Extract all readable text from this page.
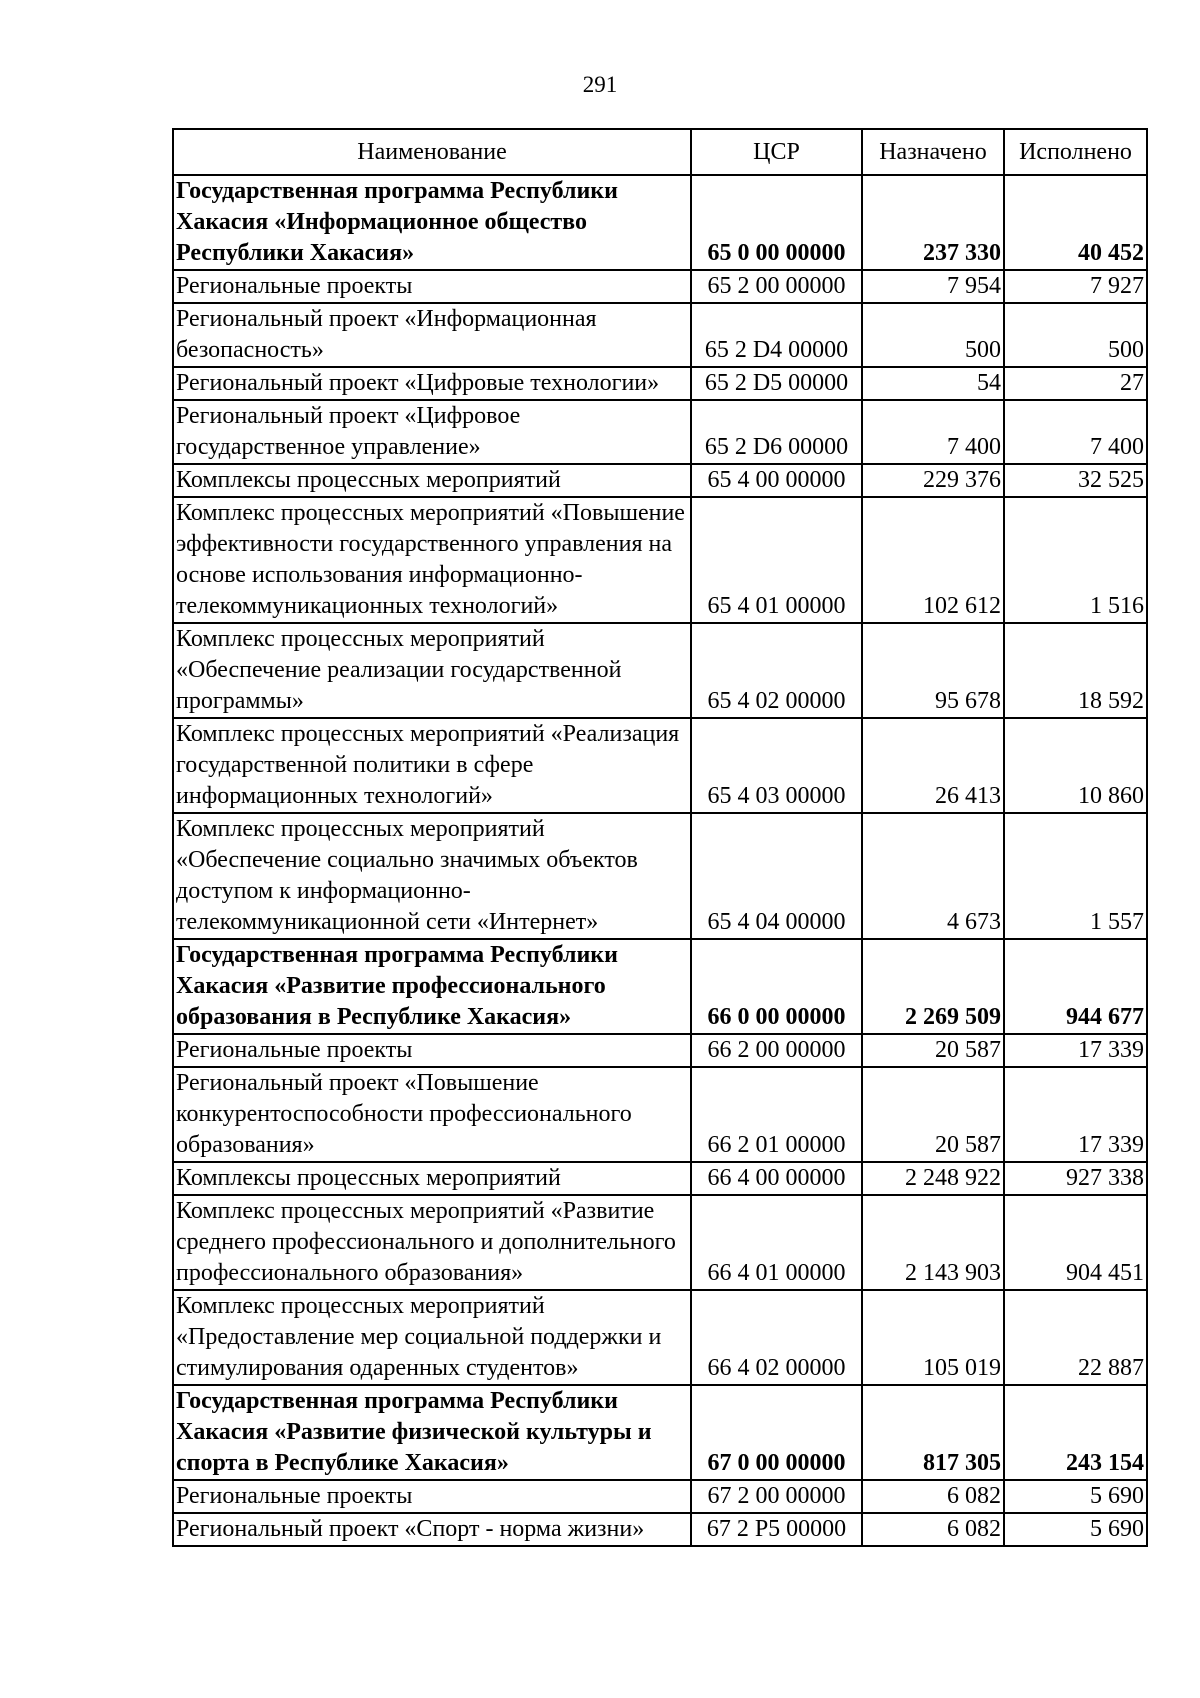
291
Наименование	ЦСР	Назначено	Исполнено
Государственная программа Республики Хакасия «Информационное общество Республики Хакасия»	65 0 00 00000	237 330	40 452
Региональные проекты	65 2 00 00000	7 954	7 927
Региональный проект «Информационная безопасность»	65 2 D4 00000	500	500
Региональный проект «Цифровые технологии»	65 2 D5 00000	54	27
Региональный проект «Цифровое государственное управление»	65 2 D6 00000	7 400	7 400
Комплексы процессных мероприятий	65 4 00 00000	229 376	32 525
Комплекс процессных мероприятий «Повышение эффективности государственного управления на основе использования информационно-телекоммуникационных технологий»	65 4 01 00000	102 612	1 516
Комплекс процессных мероприятий «Обеспечение реализации государственной программы»	65 4 02 00000	95 678	18 592
Комплекс процессных мероприятий «Реализация государственной политики в сфере информационных технологий»	65 4 03 00000	26 413	10 860
Комплекс процессных мероприятий «Обеспечение социально значимых объектов доступом к информационно-телекоммуникационной сети «Интернет»	65 4 04 00000	4 673	1 557
Государственная программа Республики Хакасия «Развитие профессионального образования в Республике Хакасия»	66 0 00 00000	2 269 509	944 677
Региональные проекты	66 2 00 00000	20 587	17 339
Региональный проект «Повышение конкурентоспособности профессионального образования»	66 2 01 00000	20 587	17 339
Комплексы процессных мероприятий	66 4 00 00000	2 248 922	927 338
Комплекс процессных мероприятий «Развитие среднего профессионального и дополнительного профессионального образования»	66 4 01 00000	2 143 903	904 451
Комплекс процессных мероприятий «Предоставление мер социальной поддержки и стимулирования одаренных студентов»	66 4 02 00000	105 019	22 887
Государственная программа Республики Хакасия «Развитие физической культуры и спорта в Республике Хакасия»	67 0 00 00000	817 305	243 154
Региональные проекты	67 2 00 00000	6 082	5 690
Региональный проект «Спорт - норма жизни»	67 2 P5 00000	6 082	5 690
